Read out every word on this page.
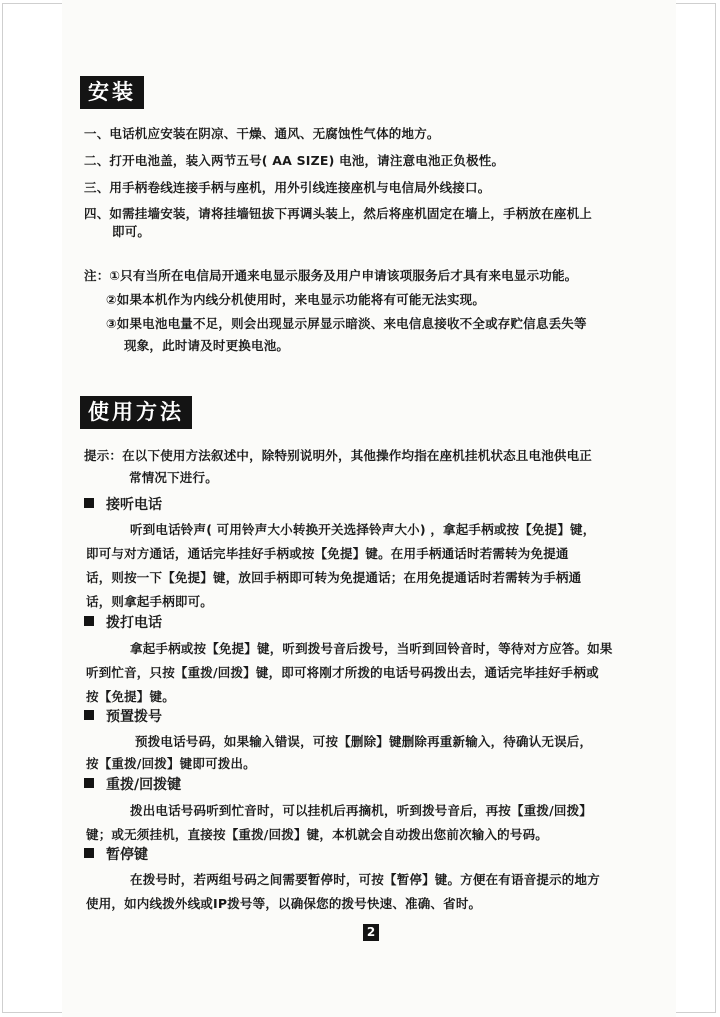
安装
一、电话机应安装在阴凉、干燥、通风、无腐蚀性气体的地方。
二、打开电池盖，装入两节五号( AA SIZE) 电池，请注意电池正负极性。
三、用手柄卷线连接手柄与座机，用外引线连接座机与电信局外线接口。
四、如需挂墙安装，请将挂墙钮拔下再调头装上，然后将座机固定在墙上，手柄放在座机上
即可。
注：①只有当所在电信局开通来电显示服务及用户申请该项服务后才具有来电显示功能。
②如果本机作为内线分机使用时，来电显示功能将有可能无法实现。
③如果电池电量不足，则会出现显示屏显示暗淡、来电信息接收不全或存贮信息丢失等
现象，此时请及时更换电池。
使用方法
提示：在以下使用方法叙述中，除特别说明外，其他操作均指在座机挂机状态且电池供电正
常情况下进行。
接听电话
听到电话铃声( 可用铃声大小转换开关选择铃声大小) ，拿起手柄或按【免提】键，
即可与对方通话，通话完毕挂好手柄或按【免提】键。在用手柄通话时若需转为免提通
话，则按一下【免提】键，放回手柄即可转为免提通话；在用免提通话时若需转为手柄通
话，则拿起手柄即可。
拨打电话
拿起手柄或按【免提】键，听到拨号音后拨号，当听到回铃音时，等待对方应答。如果
听到忙音，只按【重拨/回拨】键，即可将刚才所拨的电话号码拨出去，通话完毕挂好手柄或
按【免提】键。
预置拨号
预拨电话号码，如果输入错误，可按【删除】键删除再重新输入，待确认无误后，
按【重拨/回拨】键即可拨出。
重拨/回拨键
拨出电话号码听到忙音时，可以挂机后再摘机，听到拨号音后，再按【重拨/回拨】
键；或无须挂机，直接按【重拨/回拨】键，本机就会自动拨出您前次输入的号码。
暂停键
在拨号时，若两组号码之间需要暂停时，可按【暂停】键。方便在有语音提示的地方
使用，如内线拨外线或IP拨号等，以确保您的拨号快速、准确、省时。
2
